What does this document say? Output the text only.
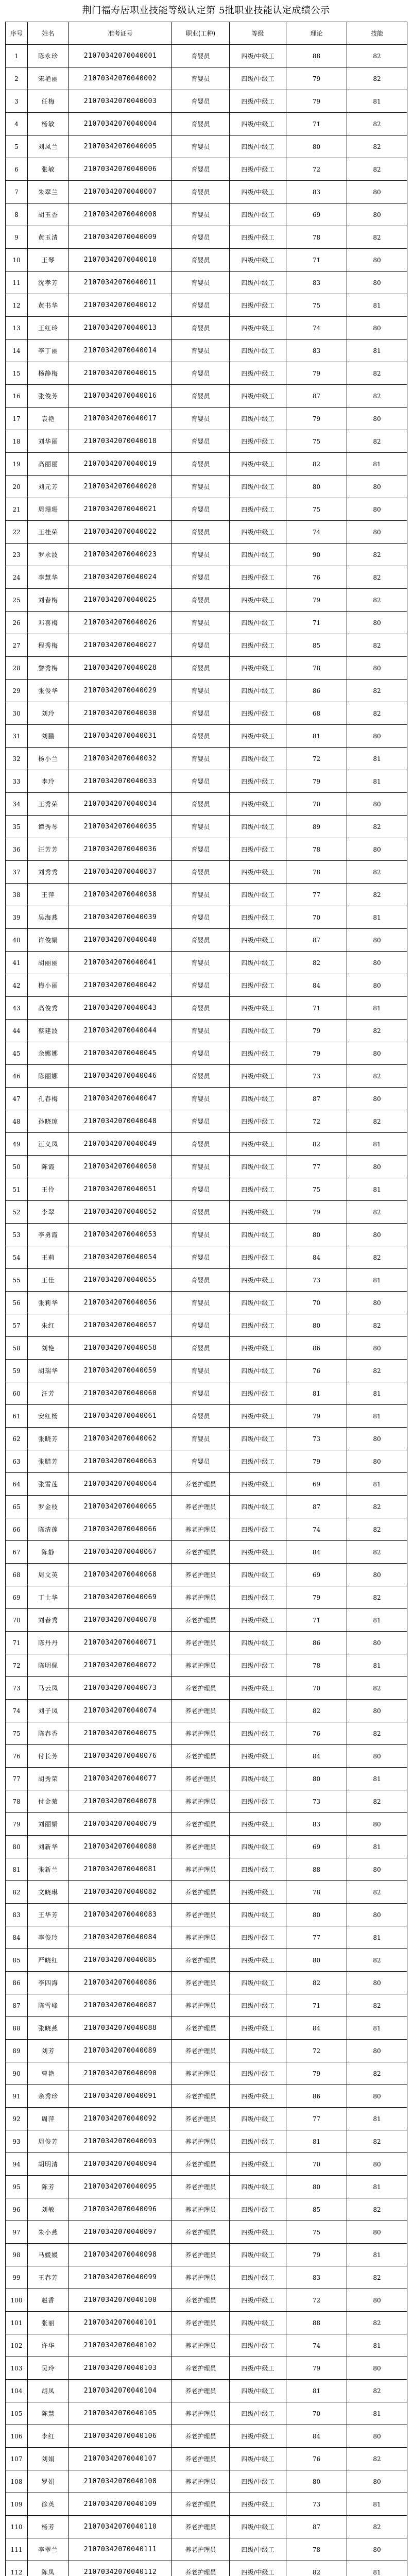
荆门福寿居职业技能等级认定第 5批职业技能认定成绩公示
序号	姓名	准考证号	职业(工种)	等级	理论	技能
1	陈永珍	21070342070040001	育婴员	四级/中级工	88	82
2	宋艳丽	21070342070040002	育婴员	四级/中级工	79	82
3	任梅	21070342070040003	育婴员	四级/中级工	79	81
4	杨敏	21070342070040004	育婴员	四级/中级工	71	82
5	刘凤兰	21070342070040005	育婴员	四级/中级工	80	82
6	张敏	21070342070040006	育婴员	四级/中级工	72	82
7	朱翠兰	21070342070040007	育婴员	四级/中级工	83	80
8	胡玉香	21070342070040008	育婴员	四级/中级工	69	80
9	黄玉清	21070342070040009	育婴员	四级/中级工	78	82
10	王琴	21070342070040010	育婴员	四级/中级工	71	80
11	沈孝芳	21070342070040011	育婴员	四级/中级工	83	80
12	黄书华	21070342070040012	育婴员	四级/中级工	75	81
13	王红玲	21070342070040013	育婴员	四级/中级工	74	80
14	李丁丽	21070342070040014	育婴员	四级/中级工	83	81
15	杨静梅	21070342070040015	育婴员	四级/中级工	79	82
16	张俊芳	21070342070040016	育婴员	四级/中级工	87	82
17	袁艳	21070342070040017	育婴员	四级/中级工	79	80
18	刘华丽	21070342070040018	育婴员	四级/中级工	75	82
19	高丽丽	21070342070040019	育婴员	四级/中级工	82	81
20	刘元芳	21070342070040020	育婴员	四级/中级工	80	80
21	周珊珊	21070342070040021	育婴员	四级/中级工	75	80
22	王桂荣	21070342070040022	育婴员	四级/中级工	74	80
23	罗永波	21070342070040023	育婴员	四级/中级工	90	82
24	李慧华	21070342070040024	育婴员	四级/中级工	76	82
25	刘春梅	21070342070040025	育婴员	四级/中级工	79	82
26	邓喜梅	21070342070040026	育婴员	四级/中级工	71	80
27	程秀梅	21070342070040027	育婴员	四级/中级工	85	82
28	黎秀梅	21070342070040028	育婴员	四级/中级工	78	80
29	张俊华	21070342070040029	育婴员	四级/中级工	86	82
30	刘玲	21070342070040030	育婴员	四级/中级工	68	82
31	刘鹏	21070342070040031	育婴员	四级/中级工	81	80
32	杨小兰	21070342070040032	育婴员	四级/中级工	72	81
33	李玲	21070342070040033	育婴员	四级/中级工	79	81
34	王秀荣	21070342070040034	育婴员	四级/中级工	70	80
35	谭秀琴	21070342070040035	育婴员	四级/中级工	89	82
36	汪芳芳	21070342070040036	育婴员	四级/中级工	78	80
37	刘秀秀	21070342070040037	育婴员	四级/中级工	78	82
38	王萍	21070342070040038	育婴员	四级/中级工	77	82
39	吴海燕	21070342070040039	育婴员	四级/中级工	70	81
40	许俊娟	21070342070040040	育婴员	四级/中级工	87	80
41	胡丽丽	21070342070040041	育婴员	四级/中级工	82	80
42	梅小丽	21070342070040042	育婴员	四级/中级工	84	80
43	高俊秀	21070342070040043	育婴员	四级/中级工	71	81
44	蔡建波	21070342070040044	育婴员	四级/中级工	79	82
45	余娜娜	21070342070040045	育婴员	四级/中级工	79	80
46	陈丽娜	21070342070040046	育婴员	四级/中级工	73	82
47	孔春梅	21070342070040047	育婴员	四级/中级工	87	80
48	孙晓琼	21070342070040048	育婴员	四级/中级工	72	82
49	汪义凤	21070342070040049	育婴员	四级/中级工	82	81
50	陈霞	21070342070040050	育婴员	四级/中级工	77	80
51	王伶	21070342070040051	育婴员	四级/中级工	75	81
52	李翠	21070342070040052	育婴员	四级/中级工	79	82
53	李勇霞	21070342070040053	育婴员	四级/中级工	80	80
54	王莉	21070342070040054	育婴员	四级/中级工	84	82
55	王佳	21070342070040055	育婴员	四级/中级工	73	81
56	张莉华	21070342070040056	育婴员	四级/中级工	70	80
57	朱红	21070342070040057	育婴员	四级/中级工	80	82
58	刘艳	21070342070040058	育婴员	四级/中级工	86	80
59	胡瑞华	21070342070040059	育婴员	四级/中级工	76	82
60	汪芳	21070342070040060	育婴员	四级/中级工	81	81
61	安红杨	21070342070040061	育婴员	四级/中级工	79	81
62	张晓芳	21070342070040062	育婴员	四级/中级工	73	80
63	张腊芳	21070342070040063	育婴员	四级/中级工	79	80
64	张雪莲	21070342070040064	养老护理员	四级/中级工	69	81
65	罗金枝	21070342070040065	养老护理员	四级/中级工	87	82
66	陈清莲	21070342070040066	养老护理员	四级/中级工	74	82
67	陈静	21070342070040067	养老护理员	四级/中级工	84	82
68	周文英	21070342070040068	养老护理员	四级/中级工	69	80
69	丁士华	21070342070040069	养老护理员	四级/中级工	79	82
70	刘春秀	21070342070040070	养老护理员	四级/中级工	71	81
71	陈丹丹	21070342070040071	养老护理员	四级/中级工	86	80
72	陈明佩	21070342070040072	养老护理员	四级/中级工	78	81
73	马云凤	21070342070040073	养老护理员	四级/中级工	70	82
74	刘子凤	21070342070040074	养老护理员	四级/中级工	82	80
75	陈春香	21070342070040075	养老护理员	四级/中级工	76	82
76	付长芳	21070342070040076	养老护理员	四级/中级工	84	80
77	胡秀荣	21070342070040077	养老护理员	四级/中级工	80	81
78	付金菊	21070342070040078	养老护理员	四级/中级工	73	82
79	刘丽娟	21070342070040079	养老护理员	四级/中级工	83	80
80	刘新华	21070342070040080	养老护理员	四级/中级工	69	81
81	张新兰	21070342070040081	养老护理员	四级/中级工	88	80
82	文晓琳	21070342070040082	养老护理员	四级/中级工	78	82
83	王华芳	21070342070040083	养老护理员	四级/中级工	80	80
84	李俊玲	21070342070040084	养老护理员	四级/中级工	77	81
85	严晓红	21070342070040085	养老护理员	四级/中级工	80	82
86	李四海	21070342070040086	养老护理员	四级/中级工	82	80
87	陈雪峰	21070342070040087	养老护理员	四级/中级工	71	82
88	张晓燕	21070342070040088	养老护理员	四级/中级工	84	81
89	刘芳	21070342070040089	养老护理员	四级/中级工	72	80
90	曹艳	21070342070040090	养老护理员	四级/中级工	79	82
91	余秀珍	21070342070040091	养老护理员	四级/中级工	86	80
92	周萍	21070342070040092	养老护理员	四级/中级工	77	81
93	周俊芳	21070342070040093	养老护理员	四级/中级工	81	82
94	胡明清	21070342070040094	养老护理员	四级/中级工	70	80
95	陈芳	21070342070040095	养老护理员	四级/中级工	80	81
96	刘敏	21070342070040096	养老护理员	四级/中级工	85	82
97	朱小燕	21070342070040097	养老护理员	四级/中级工	75	80
98	马媛媛	21070342070040098	养老护理员	四级/中级工	79	81
99	王春芳	21070342070040099	养老护理员	四级/中级工	83	82
100	赵香	21070342070040100	养老护理员	四级/中级工	72	80
101	张丽	21070342070040101	养老护理员	四级/中级工	88	82
102	许华	21070342070040102	养老护理员	四级/中级工	74	81
103	吴玲	21070342070040103	养老护理员	四级/中级工	79	80
104	胡凤	21070342070040104	养老护理员	四级/中级工	81	82
105	陈慧	21070342070040105	养老护理员	四级/中级工	70	81
106	李红	21070342070040106	养老护理员	四级/中级工	84	80
107	刘娟	21070342070040107	养老护理员	四级/中级工	76	82
108	罗娟	21070342070040108	养老护理员	四级/中级工	80	80
109	徐英	21070342070040109	养老护理员	四级/中级工	73	81
110	杨芳	21070342070040110	养老护理员	四级/中级工	87	82
111	李翠兰	21070342070040111	养老护理员	四级/中级工	78	80
112	陈凤	21070342070040112	养老护理员	四级/中级工	82	81
